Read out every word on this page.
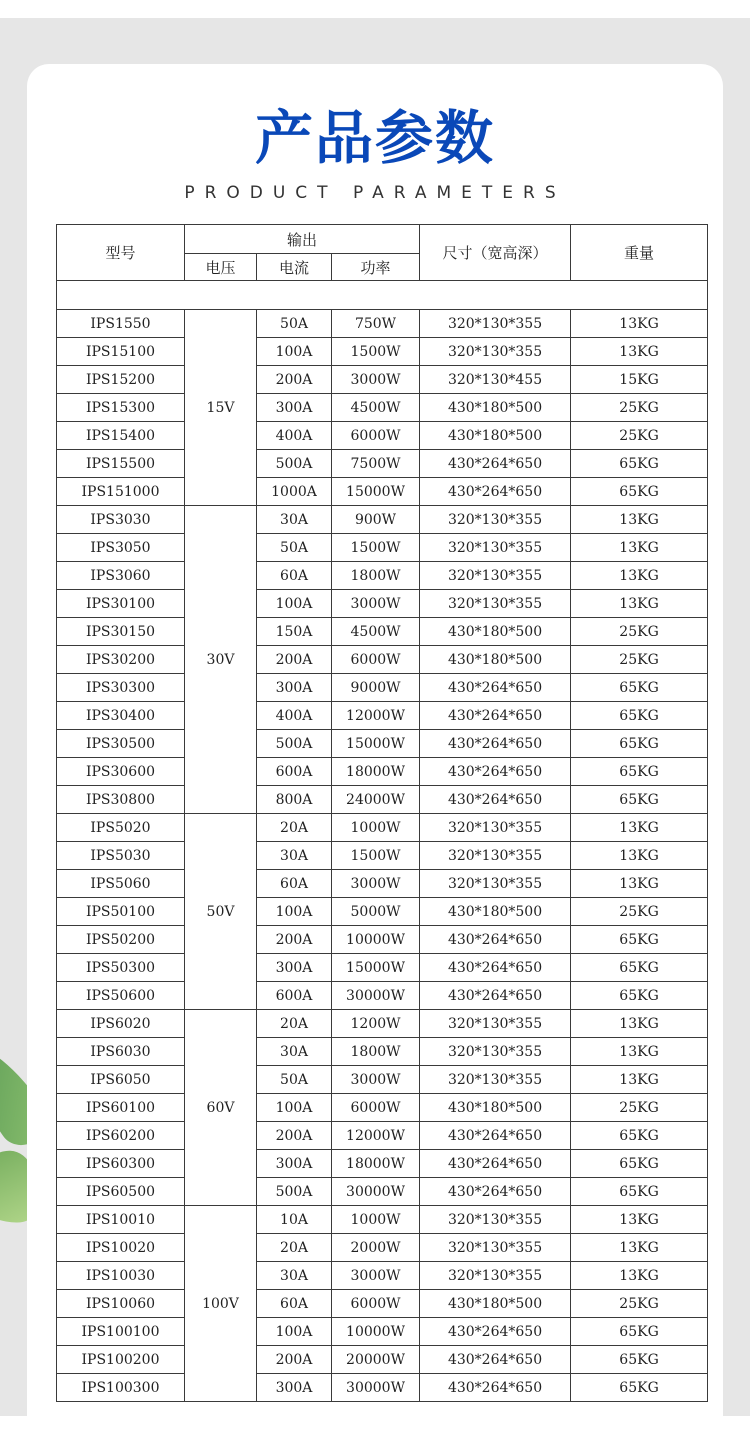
产品参数
PRODUCT PARAMETERS
型号	输出			尺寸（宽高深）	重量
	电压	电流	功率		

IPS1550	15V	50A	750W	320*130*355	13KG
IPS15100		100A	1500W	320*130*355	13KG
IPS15200		200A	3000W	320*130*455	15KG
IPS15300		300A	4500W	430*180*500	25KG
IPS15400		400A	6000W	430*180*500	25KG
IPS15500		500A	7500W	430*264*650	65KG
IPS151000		1000A	15000W	430*264*650	65KG
IPS3030	30V	30A	900W	320*130*355	13KG
IPS3050		50A	1500W	320*130*355	13KG
IPS3060		60A	1800W	320*130*355	13KG
IPS30100		100A	3000W	320*130*355	13KG
IPS30150		150A	4500W	430*180*500	25KG
IPS30200		200A	6000W	430*180*500	25KG
IPS30300		300A	9000W	430*264*650	65KG
IPS30400		400A	12000W	430*264*650	65KG
IPS30500		500A	15000W	430*264*650	65KG
IPS30600		600A	18000W	430*264*650	65KG
IPS30800		800A	24000W	430*264*650	65KG
IPS5020	50V	20A	1000W	320*130*355	13KG
IPS5030		30A	1500W	320*130*355	13KG
IPS5060		60A	3000W	320*130*355	13KG
IPS50100		100A	5000W	430*180*500	25KG
IPS50200		200A	10000W	430*264*650	65KG
IPS50300		300A	15000W	430*264*650	65KG
IPS50600		600A	30000W	430*264*650	65KG
IPS6020	60V	20A	1200W	320*130*355	13KG
IPS6030		30A	1800W	320*130*355	13KG
IPS6050		50A	3000W	320*130*355	13KG
IPS60100		100A	6000W	430*180*500	25KG
IPS60200		200A	12000W	430*264*650	65KG
IPS60300		300A	18000W	430*264*650	65KG
IPS60500		500A	30000W	430*264*650	65KG
IPS10010	100V	10A	1000W	320*130*355	13KG
IPS10020		20A	2000W	320*130*355	13KG
IPS10030		30A	3000W	320*130*355	13KG
IPS10060		60A	6000W	430*180*500	25KG
IPS100100		100A	10000W	430*264*650	65KG
IPS100200		200A	20000W	430*264*650	65KG
IPS100300		300A	30000W	430*264*650	65KG
